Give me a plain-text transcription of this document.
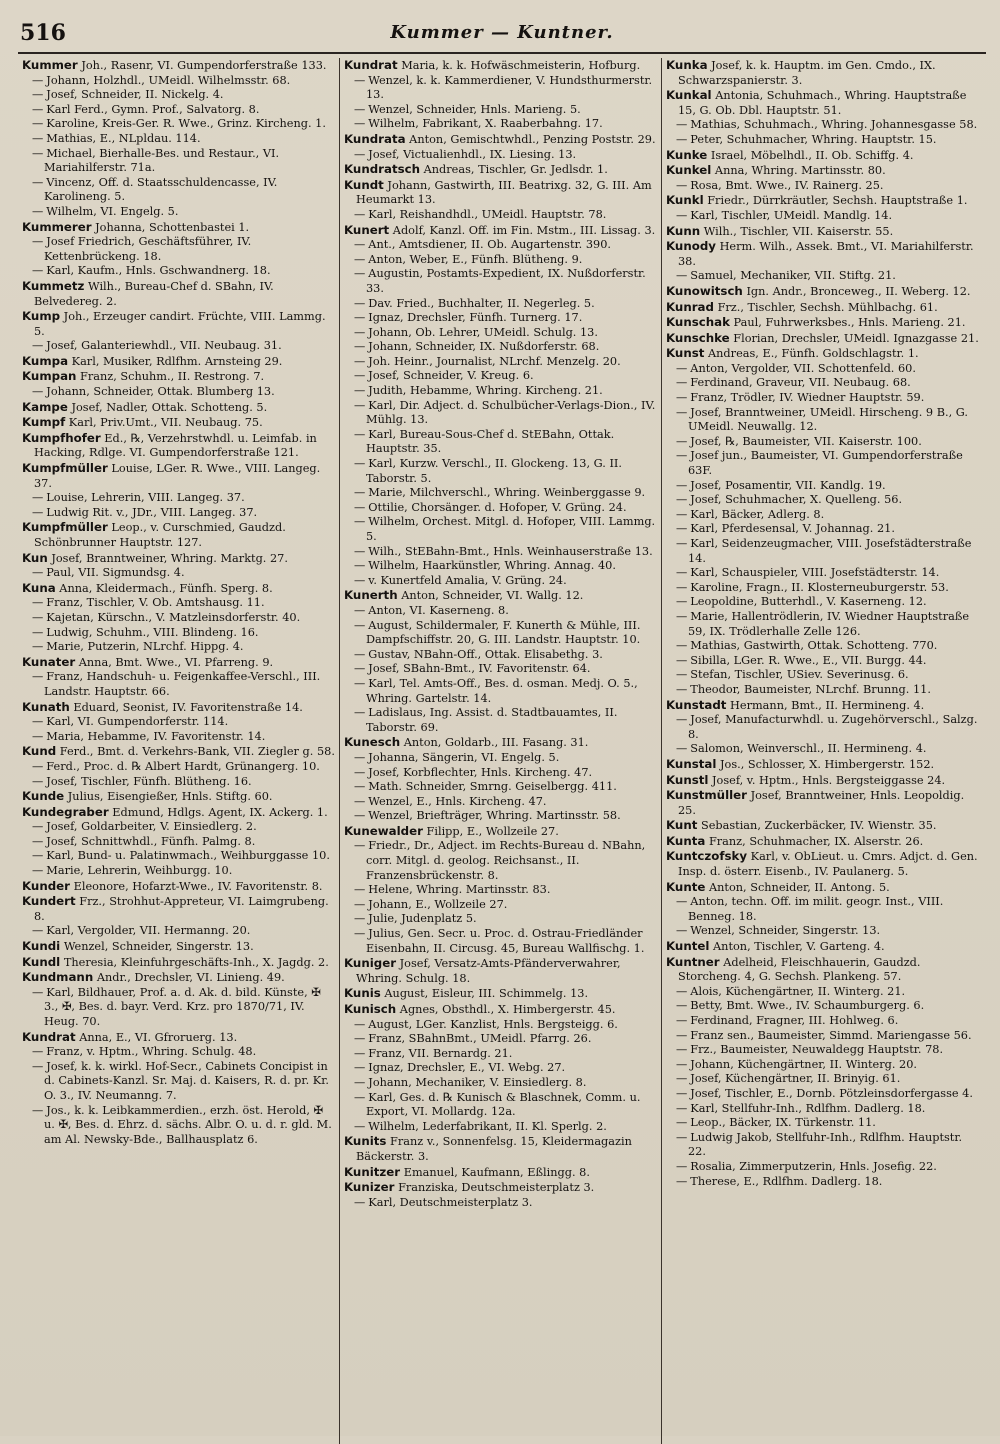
516	Kummer — Kuntner.

Kummer Joh., Rasenr, VI. Gumpendorferstraße 133.

— Johann, Holzhdl., UMeidl. Wilhelmsstr. 68.

— Josef, Schneider, II. Nickelg. 4.

— Karl Ferd., Gymn. Prof., Salvatorg. 8.

— Karoline, Kreis-Ger. R. Wwe., Grinz. Kircheng. 1.

— Mathias, E., NLpldau. 114.

— Michael, Bierhalle-Bes. und Restaur., VI. Mariahilferstr. 71a.

— Vincenz, Off. d. Staatsschuldencasse, IV. Karolineng. 5.

— Wilhelm, VI. Engelg. 5.

Kummerer Johanna, Schottenbastei 1.

— Josef Friedrich, Geschäftsführer, IV. Kettenbrückeng. 18.

— Karl, Kaufm., Hnls. Gschwandnerg. 18.

Kummetz Wilh., Bureau-Chef d. SBahn, IV. Belvedereg. 2.

Kump Joh., Erzeuger candirt. Früchte, VIII. Lammg. 5.

— Josef, Galanteriewhdl., VII. Neubaug. 31.

Kumpa Karl, Musiker, Rdlfhm. Arnsteing 29.

Kumpan Franz, Schuhm., II. Restrong. 7.

— Johann, Schneider, Ottak. Blumberg 13.

Kampe Josef, Nadler, Ottak. Schotteng. 5.

Kumpf Karl, Priv.Umt., VII. Neubaug. 75.

Kumpfhofer Ed., ℞, Verzehrstwhdl. u. Leimfab. in Hacking, Rdlge. VI. Gumpendorferstraße 121.

Kumpfmüller Louise, LGer. R. Wwe., VIII. Langeg. 37.

— Louise, Lehrerin, VIII. Langeg. 37.

— Ludwig Rit. v., JDr., VIII. Langeg. 37.

Kumpfmüller Leop., v. Curschmied, Gaudzd. Schönbrunner Hauptstr. 127.

Kun Josef, Branntweiner, Whring. Marktg. 27.

— Paul, VII. Sigmundsg. 4.

Kuna Anna, Kleidermach., Fünfh. Sperg. 8.

— Franz, Tischler, V. Ob. Amtshausg. 11.

— Kajetan, Kürschn., V. Matzleinsdorferstr. 40.

— Ludwig, Schuhm., VIII. Blindeng. 16.

— Marie, Putzerin, NLrchf. Hippg. 4.

Kunater Anna, Bmt. Wwe., VI. Pfarreng. 9.

— Franz, Handschuh- u. Feigenkaffee-Verschl., III. Landstr. Hauptstr. 66.

Kunath Eduard, Seonist, IV. Favoritenstraße 14.

— Karl, VI. Gumpendorferstr. 114.

— Maria, Hebamme, IV. Favoritenstr. 14.

Kund Ferd., Bmt. d. Verkehrs-Bank, VII. Ziegler g. 58.

— Ferd., Proc. d. ℞ Albert Hardt, Grünangerg. 10.

— Josef, Tischler, Fünfh. Blütheng. 16.

Kunde Julius, Eisengießer, Hnls. Stiftg. 60.

Kundegraber Edmund, Hdlgs. Agent, IX. Ackerg. 1.

— Josef, Goldarbeiter, V. Einsiedlerg. 2.

— Josef, Schnittwhdl., Fünfh. Palmg. 8.

— Karl, Bund- u. Palatinwmach., Weihburggasse 10.

— Marie, Lehrerin, Weihburgg. 10.

Kunder Eleonore, Hofarzt-Wwe., IV. Favoritenstr. 8.

Kundert Frz., Strohhut-Appreteur, VI. Laimgrubeng. 8.

— Karl, Vergolder, VII. Hermanng. 20.

Kundi Wenzel, Schneider, Singerstr. 13.

Kundl Theresia, Kleinfuhrgeschäfts-Inh., X. Jagdg. 2.

Kundmann Andr., Drechsler, VI. Linieng. 49.

— Karl, Bildhauer, Prof. a. d. Ak. d. bild. Künste, ✠ 3., ✠, Bes. d. bayr. Verd. Krz. pro 1870/71, IV. Heug. 70.

Kundrat Anna, E., VI. Gfroruerg. 13.

— Franz, v. Hptm., Whring. Schulg. 48.

— Josef, k. k. wirkl. Hof-Secr., Cabinets Concipist in d. Cabinets-Kanzl. Sr. Maj. d. Kaisers, R. d. pr. Kr. O. 3., IV. Neumanng. 7.

— Jos., k. k. Leibkammerdien., erzh. öst. Herold, ✠ u. ✠, Bes. d. Ehrz. d. sächs. Albr. O. u. d. r. gld. M. am Al. Newsky-Bde., Ballhausplatz 6.

Kundrat Maria, k. k. Hofwäschmeisterin, Hofburg.

— Wenzel, k. k. Kammerdiener, V. Hundsthurmerstr. 13.

— Wenzel, Schneider, Hnls. Marieng. 5.

— Wilhelm, Fabrikant, X. Raaberbahng. 17.

Kundrata Anton, Gemischtwhdl., Penzing Poststr. 29.

— Josef, Victualienhdl., IX. Liesing. 13.

Kundratsch Andreas, Tischler, Gr. Jedlsdr. 1.

Kundt Johann, Gastwirth, III. Beatrixg. 32, G. III. Am Heumarkt 13.

— Karl, Reishandhdl., UMeidl. Hauptstr. 78.

Kunert Adolf, Kanzl. Off. im Fin. Mstm., III. Lissag. 3.

— Ant., Amtsdiener, II. Ob. Augartenstr. 390.

— Anton, Weber, E., Fünfh. Blütheng. 9.

— Augustin, Postamts-Expedient, IX. Nußdorferstr. 33.

— Dav. Fried., Buchhalter, II. Negerleg. 5.

— Ignaz, Drechsler, Fünfh. Turnerg. 17.

— Johann, Ob. Lehrer, UMeidl. Schulg. 13.

— Johann, Schneider, IX. Nußdorferstr. 68.

— Joh. Heinr., Journalist, NLrchf. Menzelg. 20.

— Josef, Schneider, V. Kreug. 6.

— Judith, Hebamme, Whring. Kircheng. 21.

— Karl, Dir. Adject. d. Schulbücher-Verlags-Dion., IV. Mühlg. 13.

— Karl, Bureau-Sous-Chef d. StEBahn, Ottak. Hauptstr. 35.

— Karl, Kurzw. Verschl., II. Glockeng. 13, G. II. Taborstr. 5.

— Marie, Milchverschl., Whring. Weinberggasse 9.

— Ottilie, Chorsänger. d. Hofoper, V. Grüng. 24.

— Wilhelm, Orchest. Mitgl. d. Hofoper, VIII. Lammg. 5.

— Wilh., StEBahn-Bmt., Hnls. Weinhauserstraße 13.

— Wilhelm, Haarkünstler, Whring. Annag. 40.

— v. Kunertfeld Amalia, V. Grüng. 24.

Kunerth Anton, Schneider, VI. Wallg. 12.

— Anton, VI. Kaserneng. 8.

— August, Schildermaler, F. Kunerth & Mühle, III. Dampfschiffstr. 20, G. III. Landstr. Hauptstr. 10.

— Gustav, NBahn-Off., Ottak. Elisabethg. 3.

— Josef, SBahn-Bmt., IV. Favoritenstr. 64.

— Karl, Tel. Amts-Off., Bes. d. osman. Medj. O. 5., Whring. Gartelstr. 14.

— Ladislaus, Ing. Assist. d. Stadtbauamtes, II. Taborstr. 69.

Kunesch Anton, Goldarb., III. Fasang. 31.

— Johanna, Sängerin, VI. Engelg. 5.

— Josef, Korbflechter, Hnls. Kircheng. 47.

— Math. Schneider, Smrng. Geiselbergg. 411.

— Wenzel, E., Hnls. Kircheng. 47.

— Wenzel, Briefträger, Whring. Martinsstr. 58.

Kunewalder Filipp, E., Wollzeile 27.

— Friedr., Dr., Adject. im Rechts-Bureau d. NBahn, corr. Mitgl. d. geolog. Reichsanst., II. Franzensbrückenstr. 8.

— Helene, Whring. Martinsstr. 83.

— Johann, E., Wollzeile 27.

— Julie, Judenplatz 5.

— Julius, Gen. Secr. u. Proc. d. Ostrau-Friedländer Eisenbahn, II. Circusg. 45, Bureau Wallfischg. 1.

Kuniger Josef, Versatz-Amts-Pfänderverwahrer, Whring. Schulg. 18.

Kunis August, Eisleur, III. Schimmelg. 13.

Kunisch Agnes, Obsthdl., X. Himbergerstr. 45.

— August, LGer. Kanzlist, Hnls. Bergsteigg. 6.

— Franz, SBahnBmt., UMeidl. Pfarrg. 26.

— Franz, VII. Bernardg. 21.

— Ignaz, Drechsler, E., VI. Webg. 27.

— Johann, Mechaniker, V. Einsiedlerg. 8.

— Karl, Ges. d. ℞ Kunisch & Blaschnek, Comm. u. Export, VI. Mollardg. 12a.

— Wilhelm, Lederfabrikant, II. Kl. Sperlg. 2.

Kunits Franz v., Sonnenfelsg. 15, Kleidermagazin Bäckerstr. 3.

Kunitzer Emanuel, Kaufmann, Eßlingg. 8.

Kunizer Franziska, Deutschmeisterplatz 3.

— Karl, Deutschmeisterplatz 3.

Kunka Josef, k. k. Hauptm. im Gen. Cmdo., IX. Schwarzspanierstr. 3.

Kunkal Antonia, Schuhmach., Whring. Hauptstraße 15, G. Ob. Dbl. Hauptstr. 51.

— Mathias, Schuhmach., Whring. Johannesgasse 58.

— Peter, Schuhmacher, Whring. Hauptstr. 15.

Kunke Israel, Möbelhdl., II. Ob. Schiffg. 4.

Kunkel Anna, Whring. Martinsstr. 80.

— Rosa, Bmt. Wwe., IV. Rainerg. 25.

Kunkl Friedr., Dürrkräutler, Sechsh. Hauptstraße 1.

— Karl, Tischler, UMeidl. Mandlg. 14.

Kunn Wilh., Tischler, VII. Kaiserstr. 55.

Kunody Herm. Wilh., Assek. Bmt., VI. Mariahilferstr. 38.

— Samuel, Mechaniker, VII. Stiftg. 21.

Kunowitsch Ign. Andr., Bronceweg., II. Weberg. 12.

Kunrad Frz., Tischler, Sechsh. Mühlbachg. 61.

Kunschak Paul, Fuhrwerksbes., Hnls. Marieng. 21.

Kunschke Florian, Drechsler, UMeidl. Ignazgasse 21.

Kunst Andreas, E., Fünfh. Goldschlagstr. 1.

— Anton, Vergolder, VII. Schottenfeld. 60.

— Ferdinand, Graveur, VII. Neubaug. 68.

— Franz, Trödler, IV. Wiedner Hauptstr. 59.

— Josef, Branntweiner, UMeidl. Hirscheng. 9 B., G. UMeidl. Neuwallg. 12.

— Josef, ℞, Baumeister, VII. Kaiserstr. 100.

— Josef jun., Baumeister, VI. Gumpendorferstraße 63F.

— Josef, Posamentir, VII. Kandlg. 19.

— Josef, Schuhmacher, X. Quelleng. 56.

— Karl, Bäcker, Adlerg. 8.

— Karl, Pferdesensal, V. Johannag. 21.

— Karl, Seidenzeugmacher, VIII. Josefstädterstraße 14.

— Karl, Schauspieler, VIII. Josefstädterstr. 14.

— Karoline, Fragn., II. Klosterneuburgerstr. 53.

— Leopoldine, Butterhdl., V. Kaserneng. 12.

— Marie, Hallentrödlerin, IV. Wiedner Hauptstraße 59, IX. Trödlerhalle Zelle 126.

— Mathias, Gastwirth, Ottak. Schotteng. 770.

— Sibilla, LGer. R. Wwe., E., VII. Burgg. 44.

— Stefan, Tischler, USiev. Severinusg. 6.

— Theodor, Baumeister, NLrchf. Brunng. 11.

Kunstadt Hermann, Bmt., II. Hermineng. 4.

— Josef, Manufacturwhdl. u. Zugehörverschl., Salzg. 8.

— Salomon, Weinverschl., II. Hermineng. 4.

Kunstal Jos., Schlosser, X. Himbergerstr. 152.

Kunstl Josef, v. Hptm., Hnls. Bergsteiggasse 24.

Kunstmüller Josef, Branntweiner, Hnls. Leopoldig. 25.

Kunt Sebastian, Zuckerbäcker, IV. Wienstr. 35.

Kunta Franz, Schuhmacher, IX. Alserstr. 26.

Kuntczofsky Karl, v. ObLieut. u. Cmrs. Adjct. d. Gen. Insp. d. österr. Eisenb., IV. Paulanerg. 5.

Kunte Anton, Schneider, II. Antong. 5.

— Anton, techn. Off. im milit. geogr. Inst., VIII. Benneg. 18.

— Wenzel, Schneider, Singerstr. 13.

Kuntel Anton, Tischler, V. Garteng. 4.

Kuntner Adelheid, Fleischhauerin, Gaudzd. Storcheng. 4, G. Sechsh. Plankeng. 57.

— Alois, Küchengärtner, II. Winterg. 21.

— Betty, Bmt. Wwe., IV. Schaumburgerg. 6.

— Ferdinand, Fragner, III. Hohlweg. 6.

— Franz sen., Baumeister, Simmd. Mariengasse 56.

— Frz., Baumeister, Neuwaldegg Hauptstr. 78.

— Johann, Küchengärtner, II. Winterg. 20.

— Josef, Küchengärtner, II. Brinyig. 61.

— Josef, Tischler, E., Dornb. Pötzleinsdorfergasse 4.

— Karl, Stellfuhr-Inh., Rdlfhm. Dadlerg. 18.

— Leop., Bäcker, IX. Türkenstr. 11.

— Ludwig Jakob, Stellfuhr-Inh., Rdlfhm. Hauptstr. 22.

— Rosalia, Zimmerputzerin, Hnls. Josefig. 22.

— Therese, E., Rdlfhm. Dadlerg. 18.
